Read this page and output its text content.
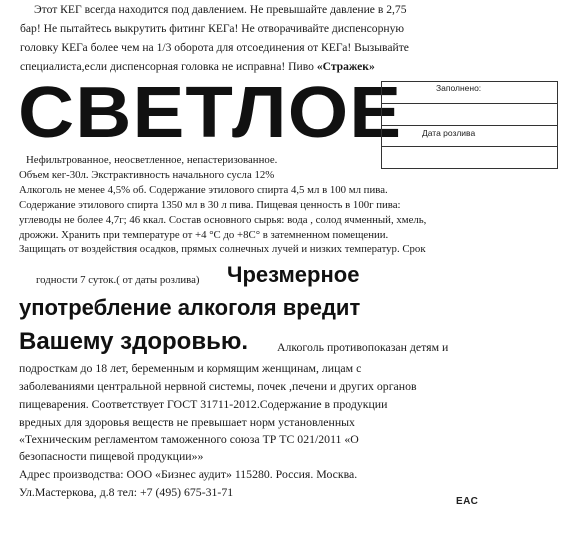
Этот КЕГ всегда находится под давлением. Не превышайте давление в 2,75
бар! Не пытайтесь выкрутить фитинг КЕГа! Не отворачивайте диспенсорную
головку КЕГа более чем на 1/3 оборота для отсоединения от КЕГа! Вызывайте
специалиста,если диспенсорная головка не исправна! Пиво «Стражек»
СВЕТЛОЕ	Заполнено:
Дата розлива
Нефильтрованное, неосветленное, непастеризованное.
Объем кег-30л. Экстрактивность начального сусла 12%
Алкоголь не менее 4,5% об. Содержание этилового спирта 4,5 мл в 100 мл пива.
Содержание этилового спирта 1350 мл в 30 л пива. Пищевая ценность в 100г пива:
углеводы не более 4,7г; 46 ккал. Состав основного сырья: вода , солод ячменный, хмель,
дрожжи. Хранить при температуре от +4 °С до +8С° в затемненном помещении.
Защищать от воздействия осадков, прямых солнечных лучей и низких температур. Срок
годности 7 суток.( от даты розлива) Чрезмерное
употребление алкоголя вредит
Вашему здоровью. Алкоголь противопоказан детям и
подросткам до 18 лет, беременным и кормящим женщинам, лицам с
заболеваниями центральной нервной системы, почек ,печени и других органов
пищеварения. Соответствует ГОСТ 31711-2012.Содержание в продукции
вредных для здоровья веществ не превышает норм установленных
«Техническим регламентом таможенного союза ТР ТС 021/2011 «О
безопасности пищевой продукции»»
Адрес производства: ООО «Бизнес аудит» 115280. Россия. Москва.
Ул.Мастеркова, д.8 тел: +7 (495) 675-31-71
ЕАС
